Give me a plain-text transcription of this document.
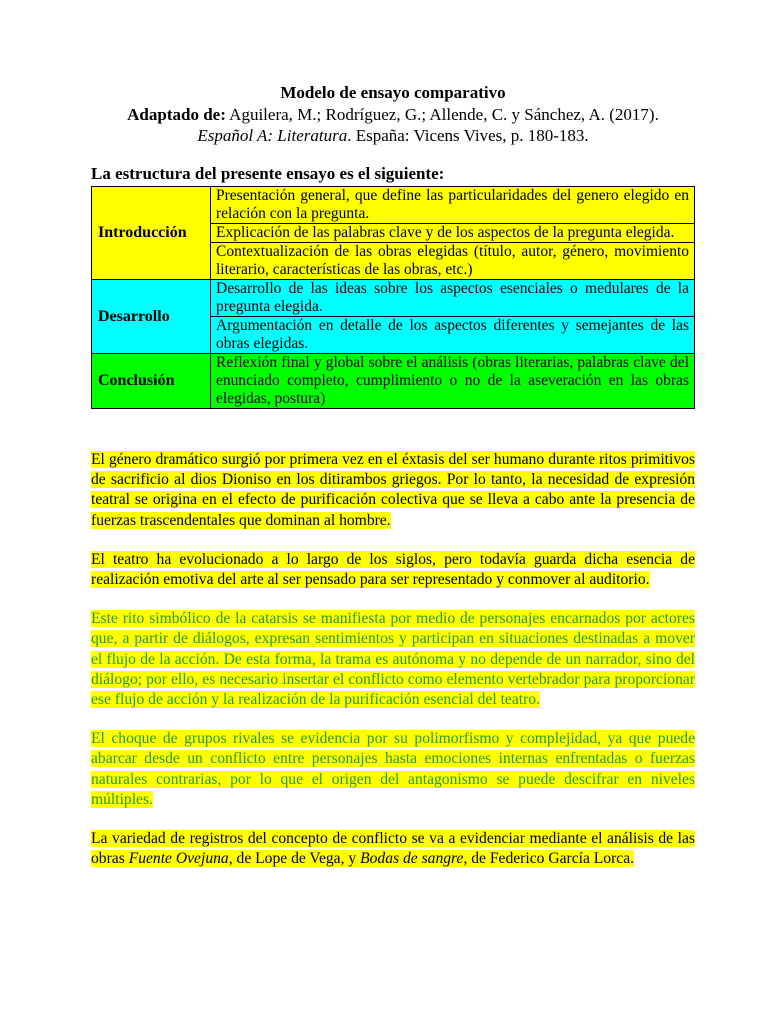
Modelo de ensayo comparativo
Adaptado de: Aguilera, M.; Rodríguez, G.; Allende, C. y Sánchez, A. (2017).
Español A: Literatura. España: Vicens Vives, p. 180-183.
La estructura del presente ensayo es el siguiente:
Introducción	Presentación general, que define las particularidades del genero elegido en relación con la pregunta.
	Explicación de las palabras clave y de los aspectos de la pregunta elegida.
	Contextualización de las obras elegidas (título, autor, género, movimiento literario, características de las obras, etc.)
Desarrollo	Desarrollo de las ideas sobre los aspectos esenciales o medulares de la pregunta elegida.
	Argumentación en detalle de los aspectos diferentes y semejantes de las obras elegidas.
Conclusión	Reflexión final y global sobre el análisis (obras literarias, palabras clave del enunciado completo, cumplimiento o no de la aseveración en las obras elegidas, postura)

El género dramático surgió por primera vez en el éxtasis del ser humano durante ritos primitivos de sacrificio al dios Dioniso en los ditirambos griegos. Por lo tanto, la necesidad de expresión teatral se origina en el efecto de purificación colectiva que se lleva a cabo ante la presencia de fuerzas trascendentales que dominan al hombre.

El teatro ha evolucionado a lo largo de los siglos, pero todavía guarda dicha esencia de realización emotiva del arte al ser pensado para ser representado y conmover al auditorio.

Este rito simbólico de la catarsis se manifiesta por medio de personajes encarnados por actores que, a partir de diálogos, expresan sentimientos y participan en situaciones destinadas a mover el flujo de la acción. De esta forma, la trama es autónoma y no depende de un narrador, sino del diálogo; por ello, es necesario insertar el conflicto como elemento vertebrador para proporcionar ese flujo de acción y la realización de la purificación esencial del teatro.

El choque de grupos rivales se evidencia por su polimorfismo y complejidad, ya que puede abarcar desde un conflicto entre personajes hasta emociones internas enfrentadas o fuerzas naturales contrarias, por lo que el origen del antagonismo se puede descifrar en niveles múltiples.

La variedad de registros del concepto de conflicto se va a evidenciar mediante el análisis de las obras Fuente Ovejuna, de Lope de Vega, y Bodas de sangre, de Federico García Lorca.
